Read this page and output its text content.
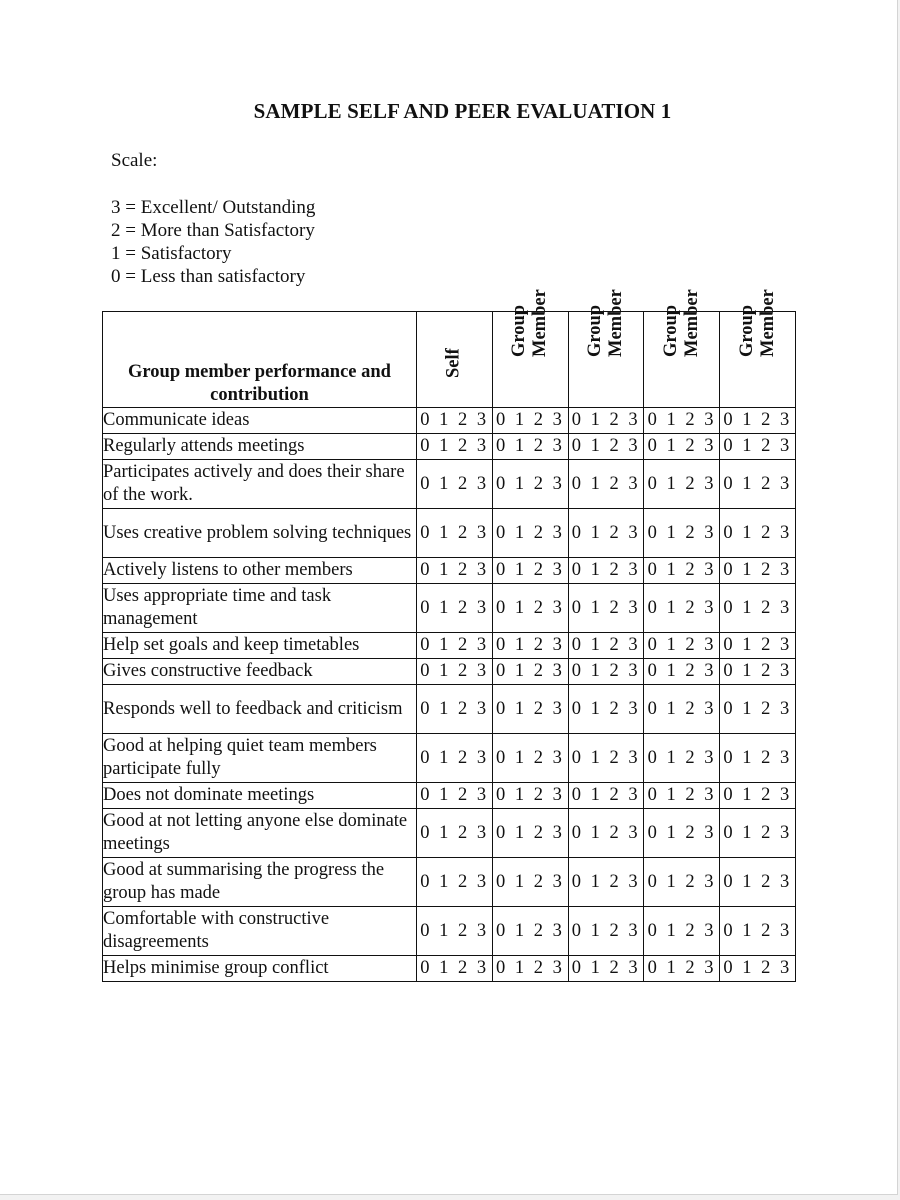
SAMPLE SELF AND PEER EVALUATION 1
Scale:
3 = Excellent/ Outstanding
2 = More than Satisfactory
1 = Satisfactory
0 = Less than satisfactory
Group member performance and contribution	Self	Group
Member	Group
Member	Group
Member	Group
Member

Communicate ideas	0 1 2 3	0 1 2 3	0 1 2 3	0 1 2 3	0 1 2 3
Regularly attends meetings	0 1 2 3	0 1 2 3	0 1 2 3	0 1 2 3	0 1 2 3
Participates actively and does their share of the work.	0 1 2 3	0 1 2 3	0 1 2 3	0 1 2 3	0 1 2 3
Uses creative problem solving techniques	0 1 2 3	0 1 2 3	0 1 2 3	0 1 2 3	0 1 2 3
Actively listens to other members	0 1 2 3	0 1 2 3	0 1 2 3	0 1 2 3	0 1 2 3
Uses appropriate time and task management	0 1 2 3	0 1 2 3	0 1 2 3	0 1 2 3	0 1 2 3
Help set goals and keep timetables	0 1 2 3	0 1 2 3	0 1 2 3	0 1 2 3	0 1 2 3
Gives constructive feedback	0 1 2 3	0 1 2 3	0 1 2 3	0 1 2 3	0 1 2 3
Responds well to feedback and criticism	0 1 2 3	0 1 2 3	0 1 2 3	0 1 2 3	0 1 2 3
Good at helping quiet team members participate fully	0 1 2 3	0 1 2 3	0 1 2 3	0 1 2 3	0 1 2 3
Does not dominate meetings	0 1 2 3	0 1 2 3	0 1 2 3	0 1 2 3	0 1 2 3
Good at not letting anyone else dominate meetings	0 1 2 3	0 1 2 3	0 1 2 3	0 1 2 3	0 1 2 3
Good at summarising the progress the group has made	0 1 2 3	0 1 2 3	0 1 2 3	0 1 2 3	0 1 2 3
Comfortable with constructive disagreements	0 1 2 3	0 1 2 3	0 1 2 3	0 1 2 3	0 1 2 3
Helps minimise group conflict	0 1 2 3	0 1 2 3	0 1 2 3	0 1 2 3	0 1 2 3
